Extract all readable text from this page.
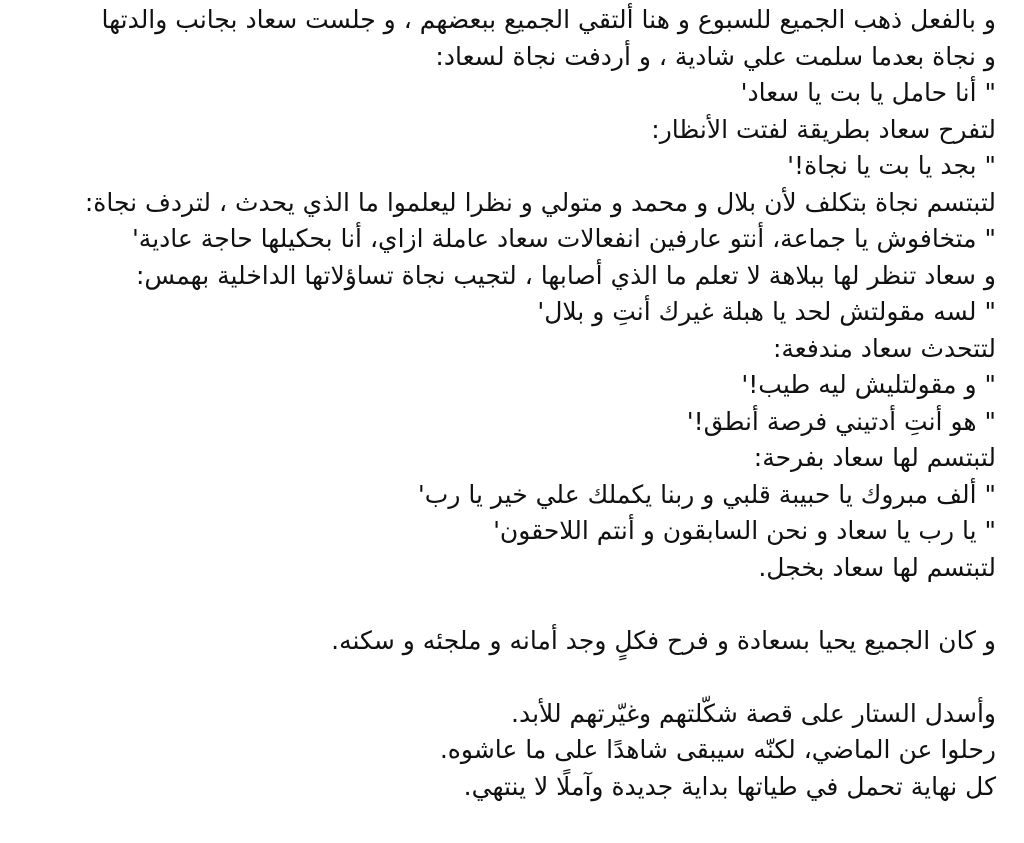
و بالفعل ذهب الجميع للسبوع و هنا ألتقي الجميع ببعضهم ، و جلست سعاد بجانب والدتها
و نجاة بعدما سلمت علي شادية ، و أردفت نجاة لسعاد:
" أنا حامل يا بت يا سعاد'
لتفرح سعاد بطريقة لفتت الأنظار:
" بجد يا بت يا نجاة!'
لتبتسم نجاة بتكلف لأن بلال و محمد و متولي و نظرا ليعلموا ما الذي يحدث ، لتردف نجاة:
" متخافوش يا جماعة، أنتو عارفين انفعالات سعاد عاملة ازاي، أنا بحكيلها حاجة عادية'
و سعاد تنظر لها ببلاهة لا تعلم ما الذي أصابها ، لتجيب نجاة تساؤلاتها الداخلية بهمس:
" لسه مقولتش لحد يا هبلة غيرك أنتِ و بلال'
لتتحدث سعاد مندفعة:
" و مقولتليش ليه طيب!'
" هو أنتِ أدتيني فرصة أنطق!'
لتبتسم لها سعاد بفرحة:
" ألف مبروك يا حبيبة قلبي و ربنا يكملك علي خير يا رب'
" يا رب يا سعاد و نحن السابقون و أنتم اللاحقون'
لتبتسم لها سعاد بخجل.
و كان الجميع يحيا بسعادة و فرح فكلٍ وجد أمانه و ملجئه و سكنه.
وأسدل الستار على قصة شكّلتهم وغيّرتهم للأبد.
رحلوا عن الماضي، لكنّه سيبقى شاهدًا على ما عاشوه.
كل نهاية تحمل في طياتها بداية جديدة وآملًا لا ينتهي.
